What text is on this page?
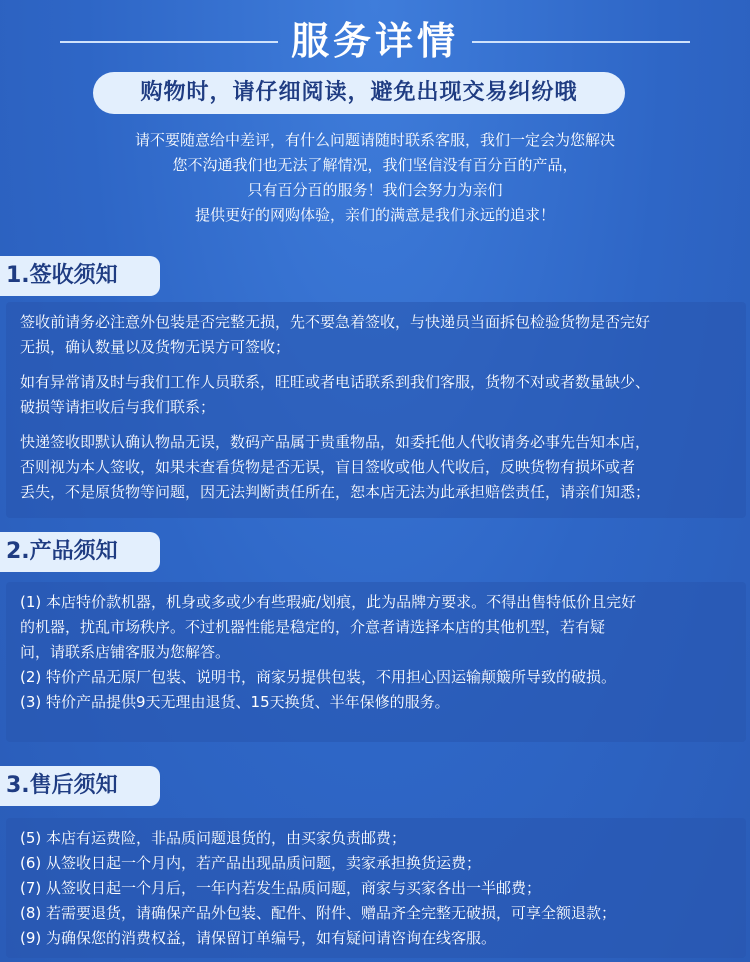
服务详情
购物时，请仔细阅读，避免出现交易纠纷哦
请不要随意给中差评，有什么问题请随时联系客服，我们一定会为您解决
您不沟通我们也无法了解情况，我们坚信没有百分百的产品，
只有百分百的服务！我们会努力为亲们
提供更好的网购体验，亲们的满意是我们永远的追求！
1.签收须知

签收前请务必注意外包装是否完整无损，先不要急着签收，与快递员当面拆包检验货物是否完好

无损，确认数量以及货物无误方可签收；

如有异常请及时与我们工作人员联系，旺旺或者电话联系到我们客服，货物不对或者数量缺少、

破损等请拒收后与我们联系；

快递签收即默认确认物品无误，数码产品属于贵重物品，如委托他人代收请务必事先告知本店，

否则视为本人签收，如果未查看货物是否无误，盲目签收或他人代收后，反映货物有损坏或者

丢失，不是原货物等问题，因无法判断责任所在，恕本店无法为此承担赔偿责任，请亲们知悉；

2.产品须知

(1) 本店特价款机器，机身或多或少有些瑕疵/划痕，此为品牌方要求。不得出售特低价且完好

的机器，扰乱市场秩序。不过机器性能是稳定的，介意者请选择本店的其他机型，若有疑

问，请联系店铺客服为您解答。

(2) 特价产品无原厂包装、说明书，商家另提供包装，不用担心因运输颠簸所导致的破损。

(3) 特价产品提供9天无理由退货、15天换货、半年保修的服务。

3.售后须知

(5) 本店有运费险，非品质问题退货的，由买家负责邮费；

(6) 从签收日起一个月内，若产品出现品质问题，卖家承担换货运费；

(7) 从签收日起一个月后，一年内若发生品质问题，商家与买家各出一半邮费；

(8) 若需要退货，请确保产品外包装、配件、附件、赠品齐全完整无破损，可享全额退款；

(9) 为确保您的消费权益，请保留订单编号，如有疑问请咨询在线客服。
